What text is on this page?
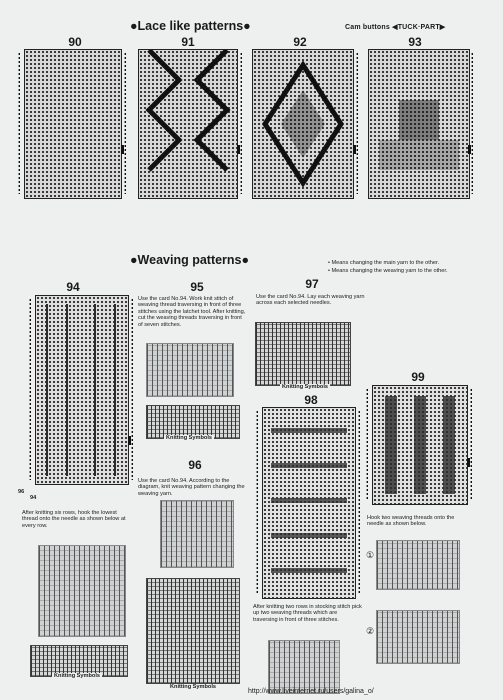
●Lace like patterns●	Cam buttons ◀TUCK·PART▶
90	91	92	93
●Weaving patterns●	• Means changing the main yarn to the other.
• Means changing the weaving yarn to the other.
94
96
94
95
Use the card No.94. Work knit stitch of weaving thread traversing in front of three stitches using the latchet tool. After knitting, cut the weaving threads traversing in front of seven stitches.
Knitting Symbols
97
Use the card No.94. Lay each weaving yarn across each selected needles.
Knitting Symbols
98
After knitting two rows in stocking stitch pick up two weaving threads which are traversing in front of three stitches.
99
Hook two weaving threads onto the needle as shown below.
①
②
After knitting six rows, hook the lowest thread onto the needle as shown below at every row.
Knitting Symbols
96
Use the card No.94. According to the diagram, knit weaving pattern changing the weaving yarn.
Knitting Symbols
http://www.liveinternet.ru/users/galina_o/
